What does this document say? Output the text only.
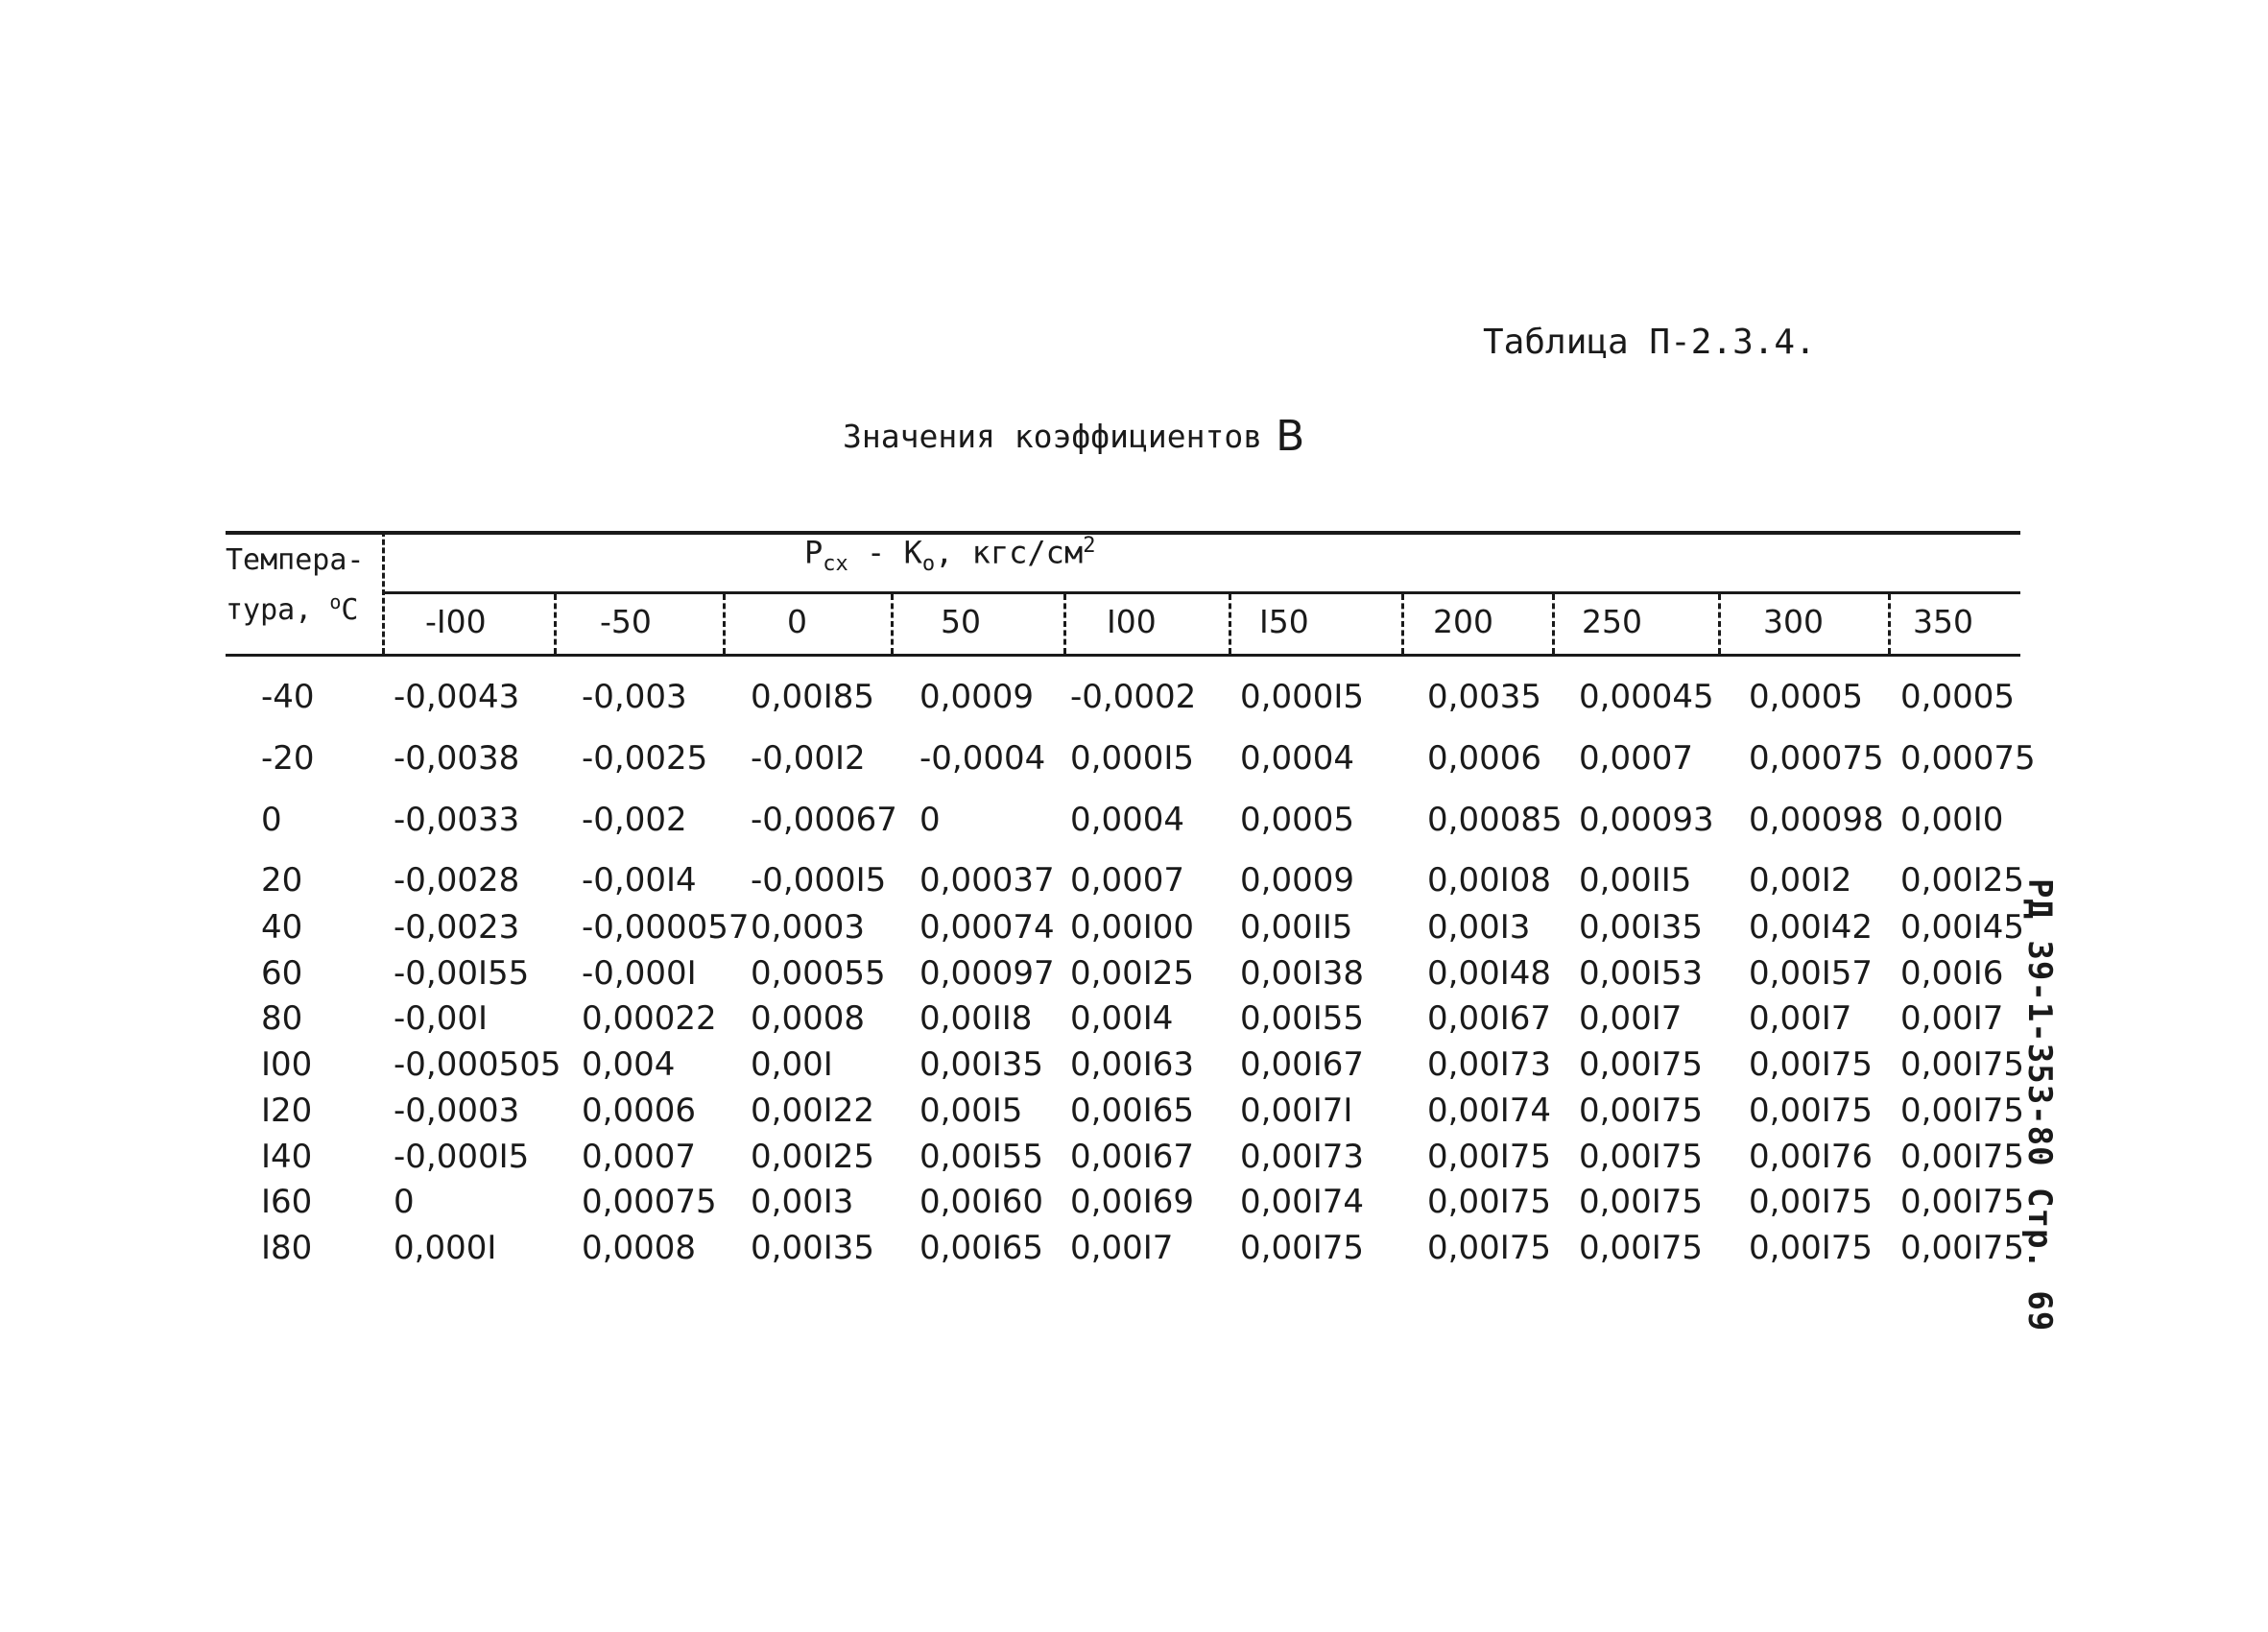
Таблица П-2.3.4.
Значения коэффициентов B
Темпера-
тура, $^о$С
$P_{сх} - K_о$, кгс/$см^2$
-I00	-50	0	50	I00	I50	200	250	300	350
-40 -0,0043 -0,003 0,00I85 0,0009 -0,0002 0,000I5 0,0035 0,00045 0,0005 0,0005
-20 -0,0038 -0,0025 -0,00I2 -0,0004 0,000I5 0,0004 0,0006 0,0007 0,00075 0,00075
0	-0,0033 -0,002 -0,00067 0	0,0004 0,0005 0,00085 0,00093 0,00098 0,00I0
20	-0,0028 -0,00I4 -0,000I5 0,00037 0,0007 0,0009 0,00I08 0,00II5 0,00I2 0,00I25
40	-0,0023 -0,000057 0,0003 0,00074 0,00I00 0,00II5 0,00I3 0,00I35 0,00I42 0,00I45
60	-0,00I55 -0,000I 0,00055 0,00097 0,00I25 0,00I38 0,00I48 0,00I53 0,00I57 0,00I6
80	-0,00I	0,00022 0,0008 0,00II8 0,00I4 0,00I55 0,00I67 0,00I7 0,00I7 0,00I7
I00 -0,000505 0,004 0,00I	0,00I35 0,00I63 0,00I67 0,00I73 0,00I75 0,00I75 0,00I75
I20 -0,0003 0,0006 0,00I22 0,00I5 0,00I65 0,00I7I 0,00I74 0,00I75 0,00I75 0,00I75
I40 -0,000I5 0,0007 0,00I25 0,00I55 0,00I67 0,00I73 0,00I75 0,00I75 0,00I76 0,00I75
I60 0	0,00075 0,00I3 0,00I60 0,00I69 0,00I74 0,00I75 0,00I75 0,00I75 0,00I75
I80 0,000I	0,0008 0,00I35 0,00I65 0,00I7 0,00I75 0,00I75 0,00I75 0,00I75 0,00I75
РД 39-1-353-80 Стр. 69
